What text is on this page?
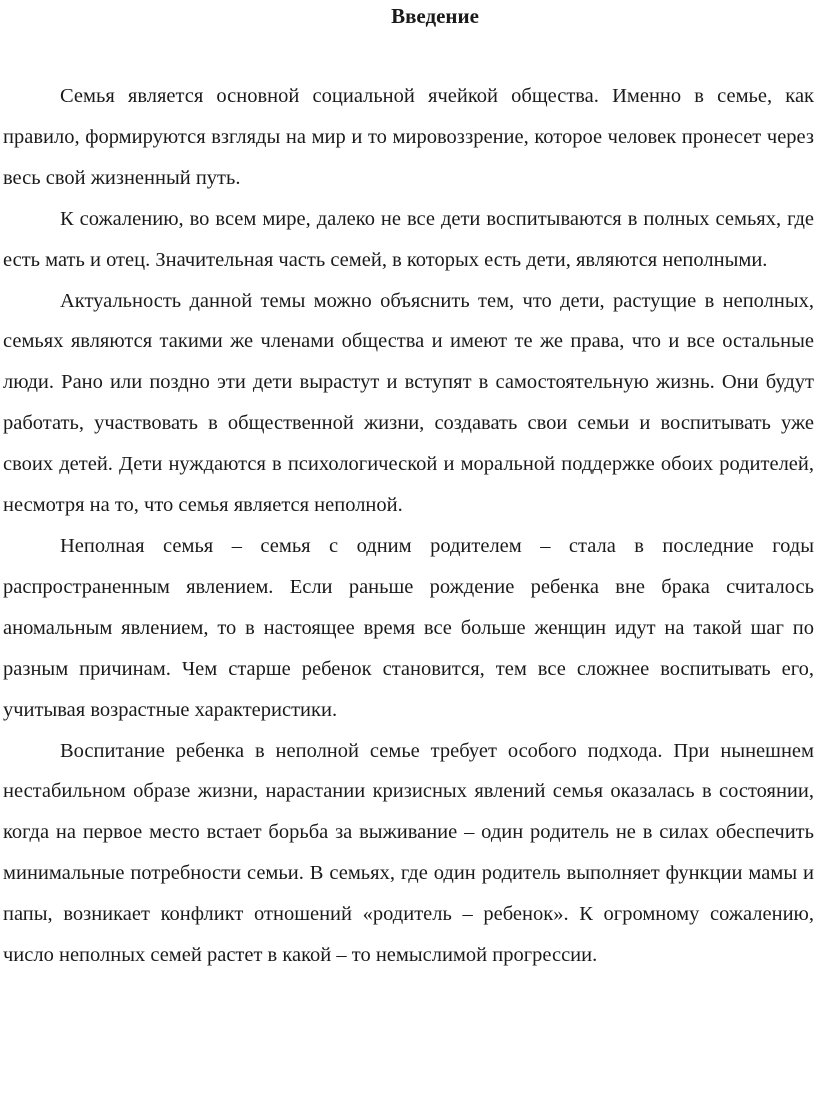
Введение

Семья является основной социальной ячейкой общества. Именно в семье, как правило, формируются взгляды на мир и то мировоззрение, которое человек пронесет через весь свой жизненный путь.

К сожалению, во всем мире, далеко не все дети воспитываются в полных семьях, где есть мать и отец. Значительная часть семей, в которых есть дети, являются неполными.

Актуальность данной темы можно объяснить тем, что дети, растущие в неполных, семьях являются такими же членами общества и имеют те же права, что и все остальные люди. Рано или поздно эти дети вырастут и вступят в самостоятельную жизнь. Они будут работать, участвовать в общественной жизни, создавать свои семьи и воспитывать уже своих детей. Дети нуждаются в психологической и моральной поддержке обоих родителей, несмотря на то, что семья является неполной.

Неполная семья – семья с одним родителем – стала в последние годы распространенным явлением. Если раньше рождение ребенка вне брака считалось аномальным явлением, то в настоящее время все больше женщин идут на такой шаг по разным причинам. Чем старше ребенок становится, тем все сложнее воспитывать его, учитывая возрастные характеристики.

Воспитание ребенка в неполной семье требует особого подхода. При нынешнем нестабильном образе жизни, нарастании кризисных явлений семья оказалась в состоянии, когда на первое место встает борьба за выживание – один родитель не в силах обеспечить минимальные потребности семьи. В семьях, где один родитель выполняет функции мамы и папы, возникает конфликт отношений «родитель – ребенок». К огромному сожалению, число неполных семей растет в какой – то немыслимой прогрессии.
